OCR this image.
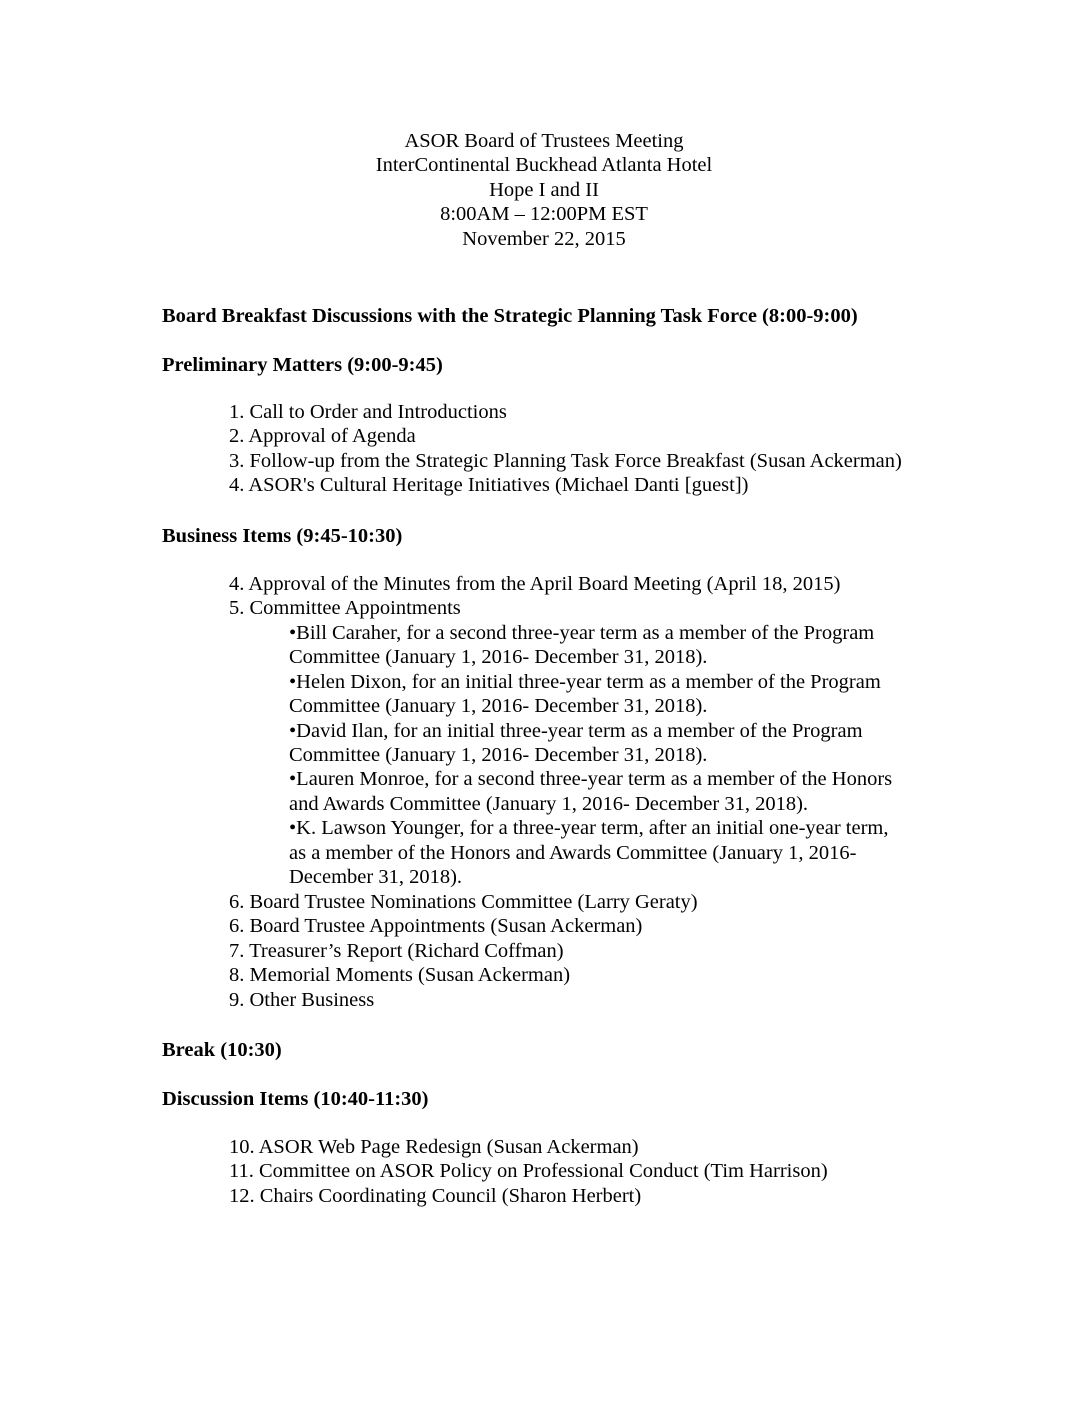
ASOR Board of Trustees Meeting
InterContinental Buckhead Atlanta Hotel
Hope I and II
8:00AM – 12:00PM EST
November 22, 2015
Board Breakfast Discussions with the Strategic Planning Task Force (8:00-9:00)
Preliminary Matters (9:00-9:45)
1. Call to Order and Introductions
2. Approval of Agenda
3. Follow-up from the Strategic Planning Task Force Breakfast (Susan Ackerman)
4. ASOR's Cultural Heritage Initiatives (Michael Danti [guest])
Business Items (9:45-10:30)
4. Approval of the Minutes from the April Board Meeting (April 18, 2015)
5. Committee Appointments
•Bill Caraher, for a second three-year term as a member of the Program
Committee (January 1, 2016- December 31, 2018).
•Helen Dixon, for an initial three-year term as a member of the Program
Committee (January 1, 2016- December 31, 2018).
•David Ilan, for an initial three-year term as a member of the Program
Committee (January 1, 2016- December 31, 2018).
•Lauren Monroe, for a second three-year term as a member of the Honors
and Awards Committee (January 1, 2016- December 31, 2018).
•K. Lawson Younger, for a three-year term, after an initial one-year term,
as a member of the Honors and Awards Committee (January 1, 2016-
December 31, 2018).
6. Board Trustee Nominations Committee (Larry Geraty)
6. Board Trustee Appointments (Susan Ackerman)
7. Treasurer’s Report (Richard Coffman)
8. Memorial Moments (Susan Ackerman)
9. Other Business
Break (10:30)
Discussion Items (10:40-11:30)
10. ASOR Web Page Redesign (Susan Ackerman)
11. Committee on ASOR Policy on Professional Conduct (Tim Harrison)
12. Chairs Coordinating Council (Sharon Herbert)
